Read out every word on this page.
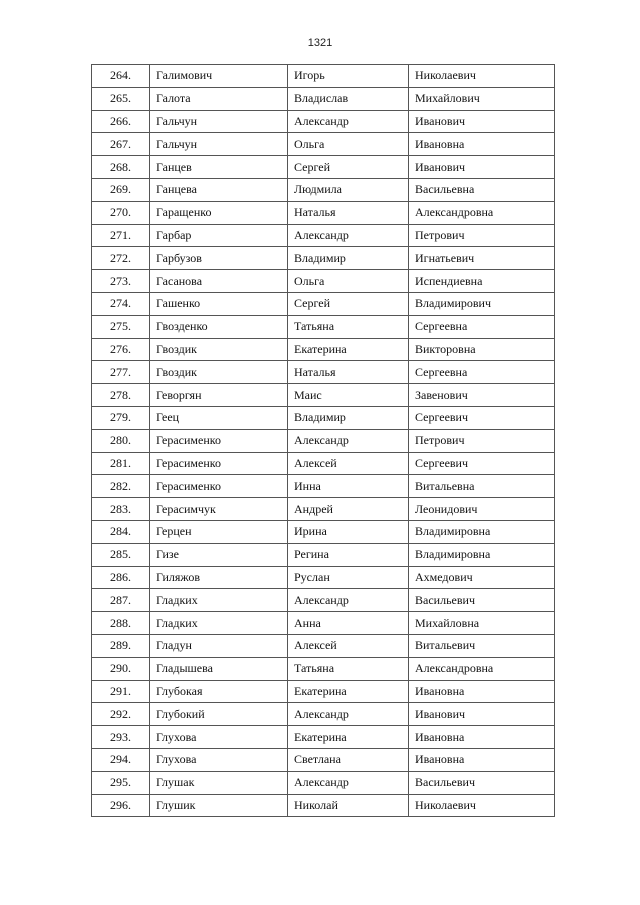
1321
264.	Галимович	Игорь	Николаевич
265.	Галота	Владислав	Михайлович
266.	Гальчун	Александр	Иванович
267.	Гальчун	Ольга	Ивановна
268.	Ганцев	Сергей	Иванович
269.	Ганцева	Людмила	Васильевна
270.	Гаращенко	Наталья	Александровна
271.	Гарбар	Александр	Петрович
272.	Гарбузов	Владимир	Игнатьевич
273.	Гасанова	Ольга	Испендиевна
274.	Гашенко	Сергей	Владимирович
275.	Гвозденко	Татьяна	Сергеевна
276.	Гвоздик	Екатерина	Викторовна
277.	Гвоздик	Наталья	Сергеевна
278.	Геворгян	Маис	Завенович
279.	Геец	Владимир	Сергеевич
280.	Герасименко	Александр	Петрович
281.	Герасименко	Алексей	Сергеевич
282.	Герасименко	Инна	Витальевна
283.	Герасимчук	Андрей	Леонидович
284.	Герцен	Ирина	Владимировна
285.	Гизе	Регина	Владимировна
286.	Гиляжов	Руслан	Ахмедович
287.	Гладких	Александр	Васильевич
288.	Гладких	Анна	Михайловна
289.	Гладун	Алексей	Витальевич
290.	Гладышева	Татьяна	Александровна
291.	Глубокая	Екатерина	Ивановна
292.	Глубокий	Александр	Иванович
293.	Глухова	Екатерина	Ивановна
294.	Глухова	Светлана	Ивановна
295.	Глушак	Александр	Васильевич
296.	Глушик	Николай	Николаевич
